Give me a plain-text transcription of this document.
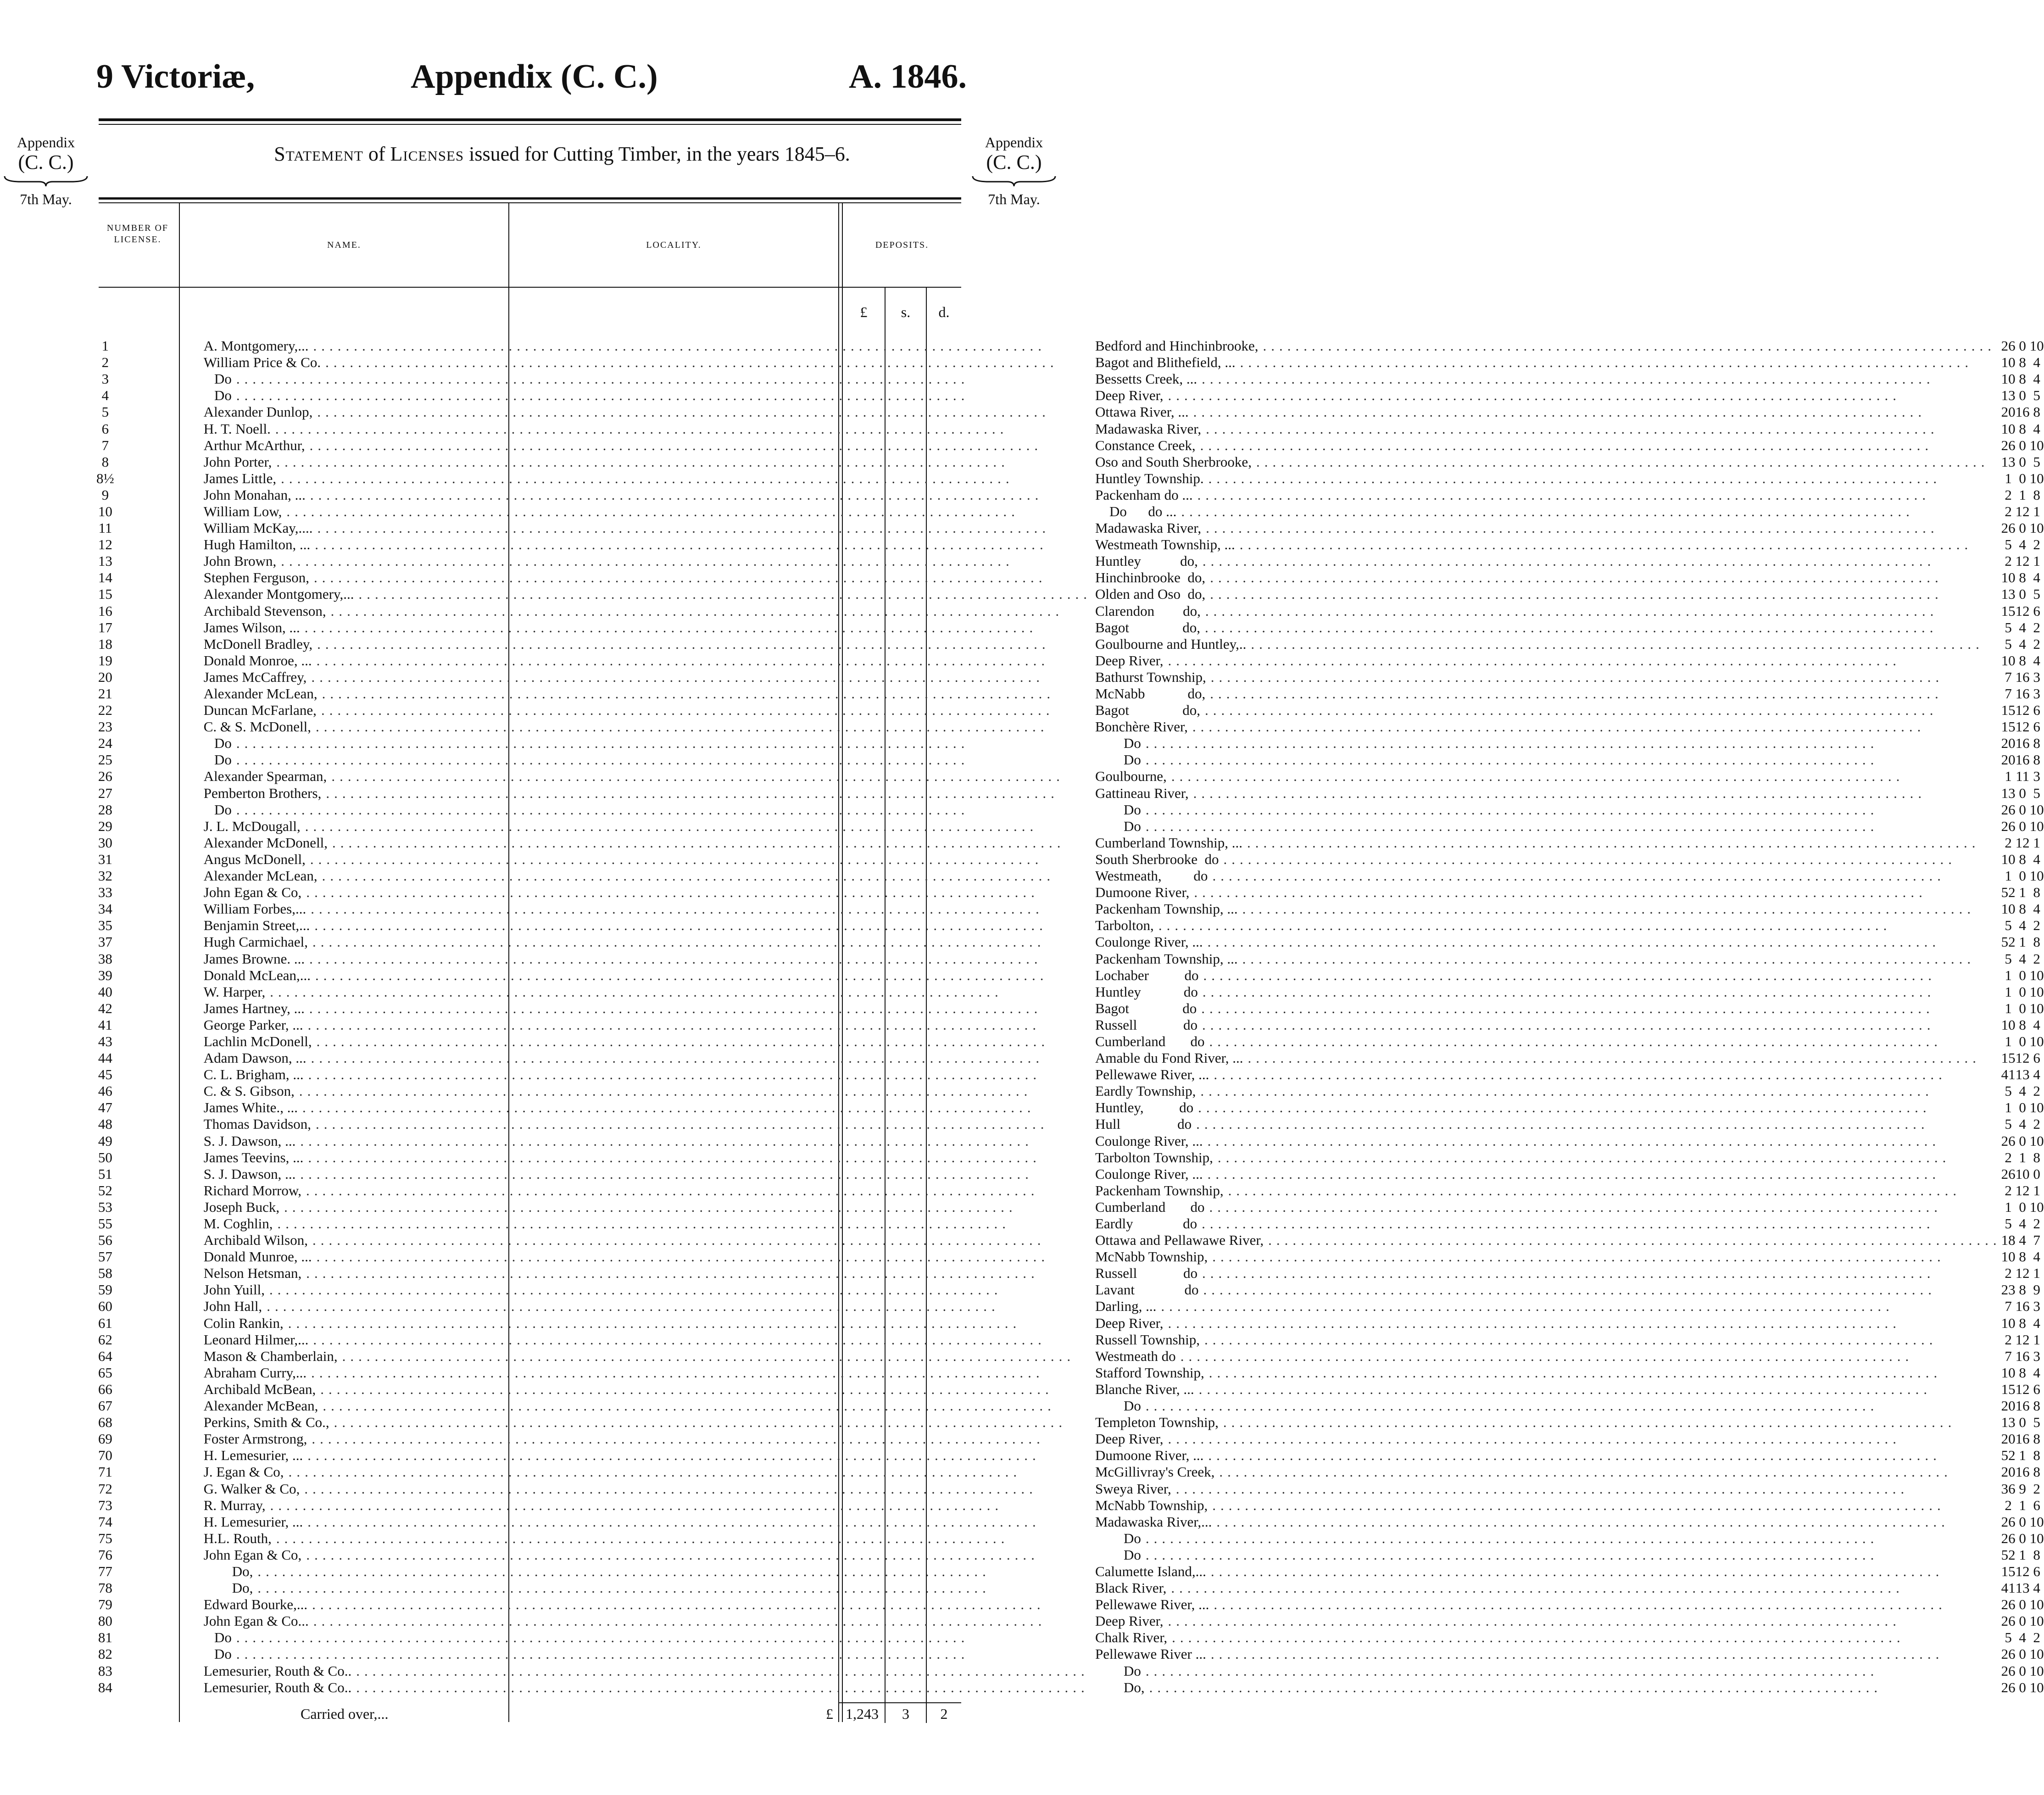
9 Victoriæ,	Appendix (C. C.)	A. 1846.
Appendix
(C. C.)
7th May.
Appendix
(C. C.)
7th May.
Statement of Licenses issued for Cutting Timber, in the years 1845–6.
NUMBER OF LICENSE.
NAME.	LOCALITY.	DEPOSITS.
£	s.	d.
1	A. Montgomery,... ..........................................................................................	Bedford and Hinchinbrooke, ..........................................................................................	26	0	10
2	William Price & Co. ..........................................................................................	Bagot and Blithefield, ... ..........................................................................................	10	8	4
3	Do ..........................................................................................	Bessetts Creek, ... ..........................................................................................	10	8	4
4	Do ..........................................................................................	Deep River, ..........................................................................................	13	0	5
5	Alexander Dunlop, ..........................................................................................	Ottawa River, ... ..........................................................................................	20	16	8
6	H. T. Noell. ..........................................................................................	Madawaska River, ..........................................................................................	10	8	4
7	Arthur McArthur, ..........................................................................................	Constance Creek, ..........................................................................................	26	0	10
8	John Porter, ..........................................................................................	Oso and South Sherbrooke, ..........................................................................................	13	0	5
8½	James Little, ..........................................................................................	Huntley Township. ..........................................................................................	1	0	10
9	John Monahan, ... ..........................................................................................	Packenham do ... ..........................................................................................	2	1	8
10	William Low, ..........................................................................................	Do      do ... ..........................................................................................	2	12	1
11	William McKay,.... ..........................................................................................	Madawaska River, ..........................................................................................	26	0	10
12	Hugh Hamilton, ... ..........................................................................................	Westmeath Township, ... ..........................................................................................	5	4	2
13	John Brown, ..........................................................................................	Huntley           do, ..........................................................................................	2	12	1
14	Stephen Ferguson, ..........................................................................................	Hinchinbrooke  do, ..........................................................................................	10	8	4
15	Alexander Montgomery,... ..........................................................................................	Olden and Oso  do, ..........................................................................................	13	0	5
16	Archibald Stevenson, ..........................................................................................	Clarendon        do, ..........................................................................................	15	12	6
17	James Wilson, ... ..........................................................................................	Bagot               do, ..........................................................................................	5	4	2
18	McDonell Bradley, ..........................................................................................	Goulbourne and Huntley,.. ..........................................................................................	5	4	2
19	Donald Monroe, ... ..........................................................................................	Deep River, ..........................................................................................	10	8	4
20	James McCaffrey, ..........................................................................................	Bathurst Township, ..........................................................................................	7	16	3
21	Alexander McLean, ..........................................................................................	McNabb            do, ..........................................................................................	7	16	3
22	Duncan McFarlane, ..........................................................................................	Bagot               do, ..........................................................................................	15	12	6
23	C. & S. McDonell, ..........................................................................................	Bonchère River, ..........................................................................................	15	12	6
24	Do ..........................................................................................	Do ..........................................................................................	20	16	8
25	Do ..........................................................................................	Do ..........................................................................................	20	16	8
26	Alexander Spearman, ..........................................................................................	Goulbourne, ..........................................................................................	1	11	3
27	Pemberton Brothers, ..........................................................................................	Gattineau River, ..........................................................................................	13	0	5
28	Do ..........................................................................................	Do ..........................................................................................	26	0	10
29	J. L. McDougall, ..........................................................................................	Do ..........................................................................................	26	0	10
30	Alexander McDonell, ..........................................................................................	Cumberland Township, ... ..........................................................................................	2	12	1
31	Angus McDonell, ..........................................................................................	South Sherbrooke  do ..........................................................................................	10	8	4
32	Alexander McLean, ..........................................................................................	Westmeath,         do ..........................................................................................	1	0	10
33	John Egan & Co, ..........................................................................................	Dumoone River, ..........................................................................................	52	1	8
34	William Forbes,... ..........................................................................................	Packenham Township, ... ..........................................................................................	10	8	4
35	Benjamin Street,... ..........................................................................................	Tarbolton, ..........................................................................................	5	4	2
37	Hugh Carmichael, ..........................................................................................	Coulonge River, ... ..........................................................................................	52	1	8
38	James Browne. ... ..........................................................................................	Packenham Township, ... ..........................................................................................	5	4	2
39	Donald McLean,... ..........................................................................................	Lochaber          do ..........................................................................................	1	0	10
40	W. Harper, ..........................................................................................	Huntley            do ..........................................................................................	1	0	10
42	James Hartney, ... ..........................................................................................	Bagot               do ..........................................................................................	1	0	10
41	George Parker, ... ..........................................................................................	Russell             do ..........................................................................................	10	8	4
43	Lachlin McDonell, ..........................................................................................	Cumberland       do ..........................................................................................	1	0	10
44	Adam Dawson, ... ..........................................................................................	Amable du Fond River, ... ..........................................................................................	15	12	6
45	C. L. Brigham, ... ..........................................................................................	Pellewawe River, ... ..........................................................................................	41	13	4
46	C. & S. Gibson, ..........................................................................................	Eardly Township, ..........................................................................................	5	4	2
47	James White., ... ..........................................................................................	Huntley,          do ..........................................................................................	1	0	10
48	Thomas Davidson, ..........................................................................................	Hull                do ..........................................................................................	5	4	2
49	S. J. Dawson, ... ..........................................................................................	Coulonge River, ... ..........................................................................................	26	0	10
50	James Teevins, ... ..........................................................................................	Tarbolton Township, ..........................................................................................	2	1	8
51	S. J. Dawson, ... ..........................................................................................	Coulonge River, ... ..........................................................................................	26	10	0
52	Richard Morrow, ..........................................................................................	Packenham Township, ..........................................................................................	2	12	1
53	Joseph Buck, ..........................................................................................	Cumberland       do ..........................................................................................	1	0	10
55	M. Coghlin, ..........................................................................................	Eardly              do ..........................................................................................	5	4	2
56	Archibald Wilson, ..........................................................................................	Ottawa and Pellawawe River, ..........................................................................................	18	4	7
57	Donald Munroe, ... ..........................................................................................	McNabb Township, ..........................................................................................	10	8	4
58	Nelson Hetsman, ..........................................................................................	Russell             do ..........................................................................................	2	12	1
59	John Yuill, ..........................................................................................	Lavant              do ..........................................................................................	23	8	9
60	John Hall, ..........................................................................................	Darling, ... ..........................................................................................	7	16	3
61	Colin Rankin, ..........................................................................................	Deep River, ..........................................................................................	10	8	4
62	Leonard Hilmer,... ..........................................................................................	Russell Township, ..........................................................................................	2	12	1
64	Mason & Chamberlain, ..........................................................................................	Westmeath do ..........................................................................................	7	16	3
65	Abraham Curry,... ..........................................................................................	Stafford Township, ..........................................................................................	10	8	4
66	Archibald McBean, ..........................................................................................	Blanche River, ... ..........................................................................................	15	12	6
67	Alexander McBean, ..........................................................................................	Do ..........................................................................................	20	16	8
68	Perkins, Smith & Co., ..........................................................................................	Templeton Township, ..........................................................................................	13	0	5
69	Foster Armstrong, ..........................................................................................	Deep River, ..........................................................................................	20	16	8
70	H. Lemesurier, ... ..........................................................................................	Dumoone River, ... ..........................................................................................	52	1	8
71	J. Egan & Co, ..........................................................................................	McGillivray's Creek, ..........................................................................................	20	16	8
72	G. Walker & Co, ..........................................................................................	Sweya River, ..........................................................................................	36	9	2
73	R. Murray, ..........................................................................................	McNabb Township, ..........................................................................................	2	1	6
74	H. Lemesurier, ... ..........................................................................................	Madawaska River,... ..........................................................................................	26	0	10
75	H.L. Routh, ..........................................................................................	Do ..........................................................................................	26	0	10
76	John Egan & Co, ..........................................................................................	Do ..........................................................................................	52	1	8
77	Do, ..........................................................................................	Calumette Island,... ..........................................................................................	15	12	6
78	Do, ..........................................................................................	Black River, ..........................................................................................	41	13	4
79	Edward Bourke,... ..........................................................................................	Pellewawe River, ... ..........................................................................................	26	0	10
80	John Egan & Co... ..........................................................................................	Deep River, ..........................................................................................	26	0	10
81	Do ..........................................................................................	Chalk River, ..........................................................................................	5	4	2
82	Do ..........................................................................................	Pellewawe River ... ..........................................................................................	26	0	10
83	Lemesurier, Routh & Co.. ..........................................................................................	Do ..........................................................................................	26	0	10
84	Lemesurier, Routh & Co.. ..........................................................................................	Do, ..........................................................................................	26	0	10
Carried over,...	£ 1,243	3	2
